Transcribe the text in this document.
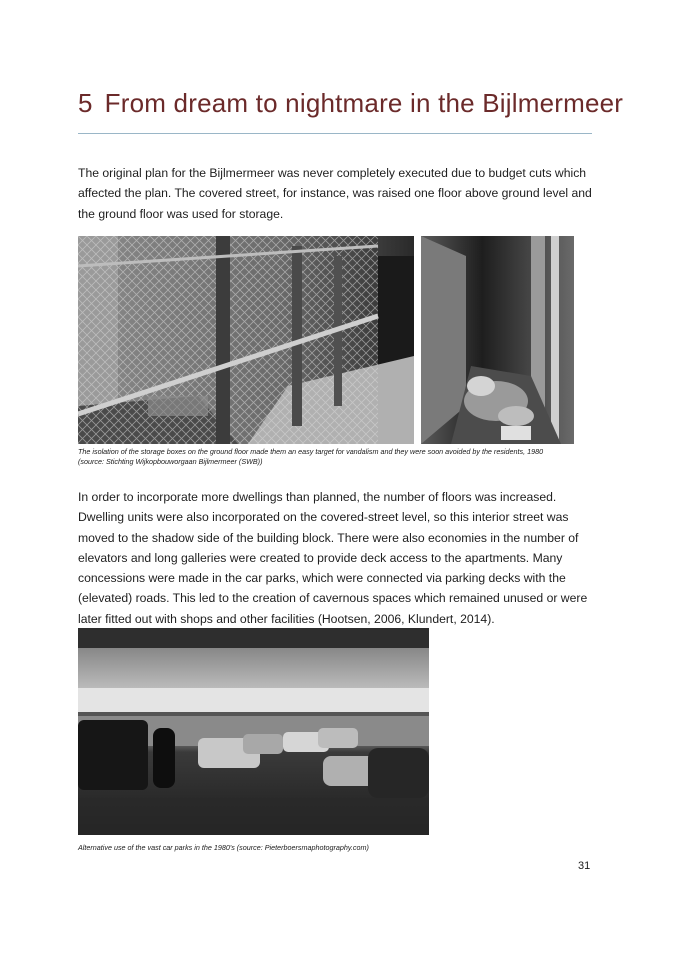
5 From dream to nightmare in the Bijlmermeer

The original plan for the Bijlmermeer was never completely executed due to budget cuts which affected the plan. The covered street, for instance, was raised one floor above ground level and the ground floor was used for storage.

The isolation of the storage boxes on the ground floor made them an easy target for vandalism and they were soon avoided by the residents, 1980
(source: Stichting Wijkopbouworgaan Bijlmermeer (SWB))

In order to incorporate more dwellings than planned, the number of floors was increased. Dwelling units were also incorporated on the covered-street level, so this interior street was moved to the shadow side of the building block. There were also economies in the number of elevators and long galleries were created to provide deck access to the apartments. Many concessions were made in the car parks, which were connected via parking decks with the (elevated) roads. This led to the creation of cavernous spaces which remained unused or were later fitted out with shops and other facilities (Hootsen, 2006, Klundert, 2014).

Alternative use of the vast car parks in the 1980's (source: Pieterboersmaphotography.com)
31
